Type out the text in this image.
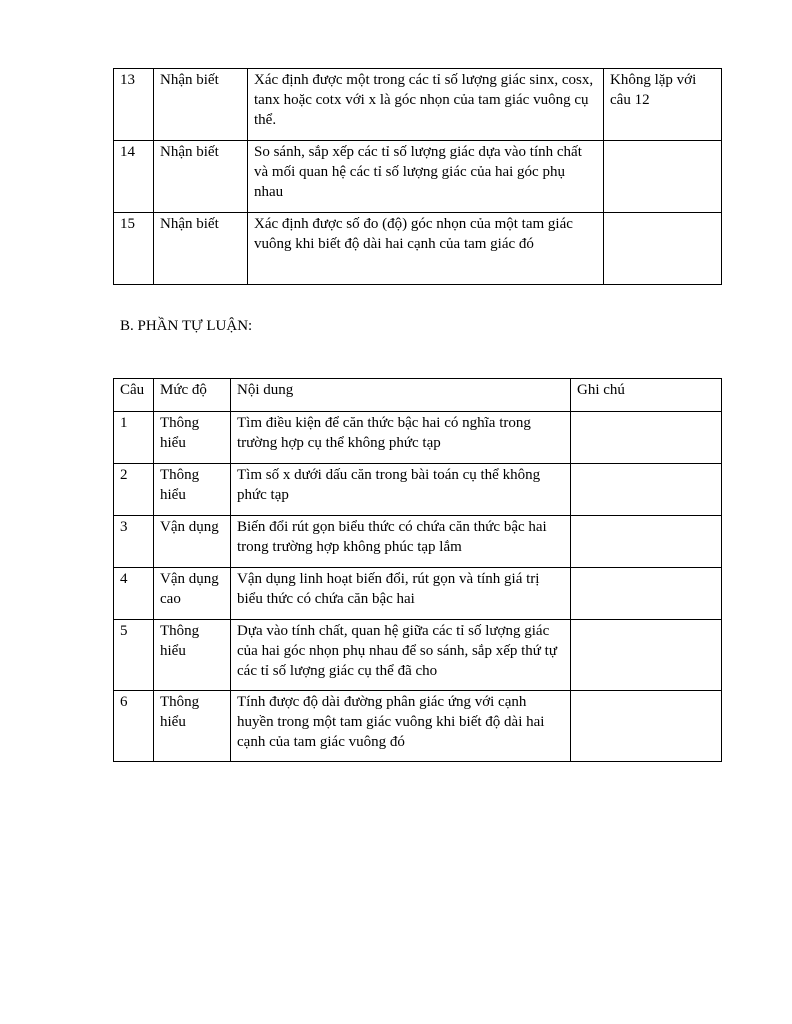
13	Nhận biết	Xác định được một trong các tỉ số lượng giác sinx, cosx, tanx hoặc cotx với x là góc nhọn của tam giác vuông cụ thể.	Không lặp với câu 12
14	Nhận biết	So sánh, sắp xếp các tỉ số lượng giác dựa vào tính chất và mối quan hệ các tỉ số lượng giác của hai góc phụ nhau	
15	Nhận biết	Xác định được số đo (độ) góc nhọn của một tam giác vuông khi biết độ dài hai cạnh của tam giác đó	

B. PHẦN TỰ LUẬN:

Câu	Mức độ	Nội dung	Ghi chú
1	Thông hiểu	Tìm điều kiện để căn thức bậc hai có nghĩa trong trường hợp cụ thể không phức tạp	
2	Thông hiểu	Tìm số x dưới dấu căn trong bài toán cụ thể không phức tạp	
3	Vận dụng	Biến đổi rút gọn biểu thức có chứa căn thức bậc hai trong trường hợp không phúc tạp lắm	
4	Vận dụng cao	Vận dụng linh hoạt biến đổi, rút gọn và tính giá trị biểu thức có chứa căn bậc hai	
5	Thông hiểu	Dựa vào tính chất, quan hệ giữa các tỉ số lượng giác của hai góc nhọn phụ nhau để so sánh, sắp xếp thứ tự các tỉ số lượng giác cụ thể đã cho	
6	Thông hiểu	Tính được độ dài đường phân giác ứng với cạnh huyền trong một tam giác vuông khi biết độ dài hai cạnh của tam giác vuông đó	
